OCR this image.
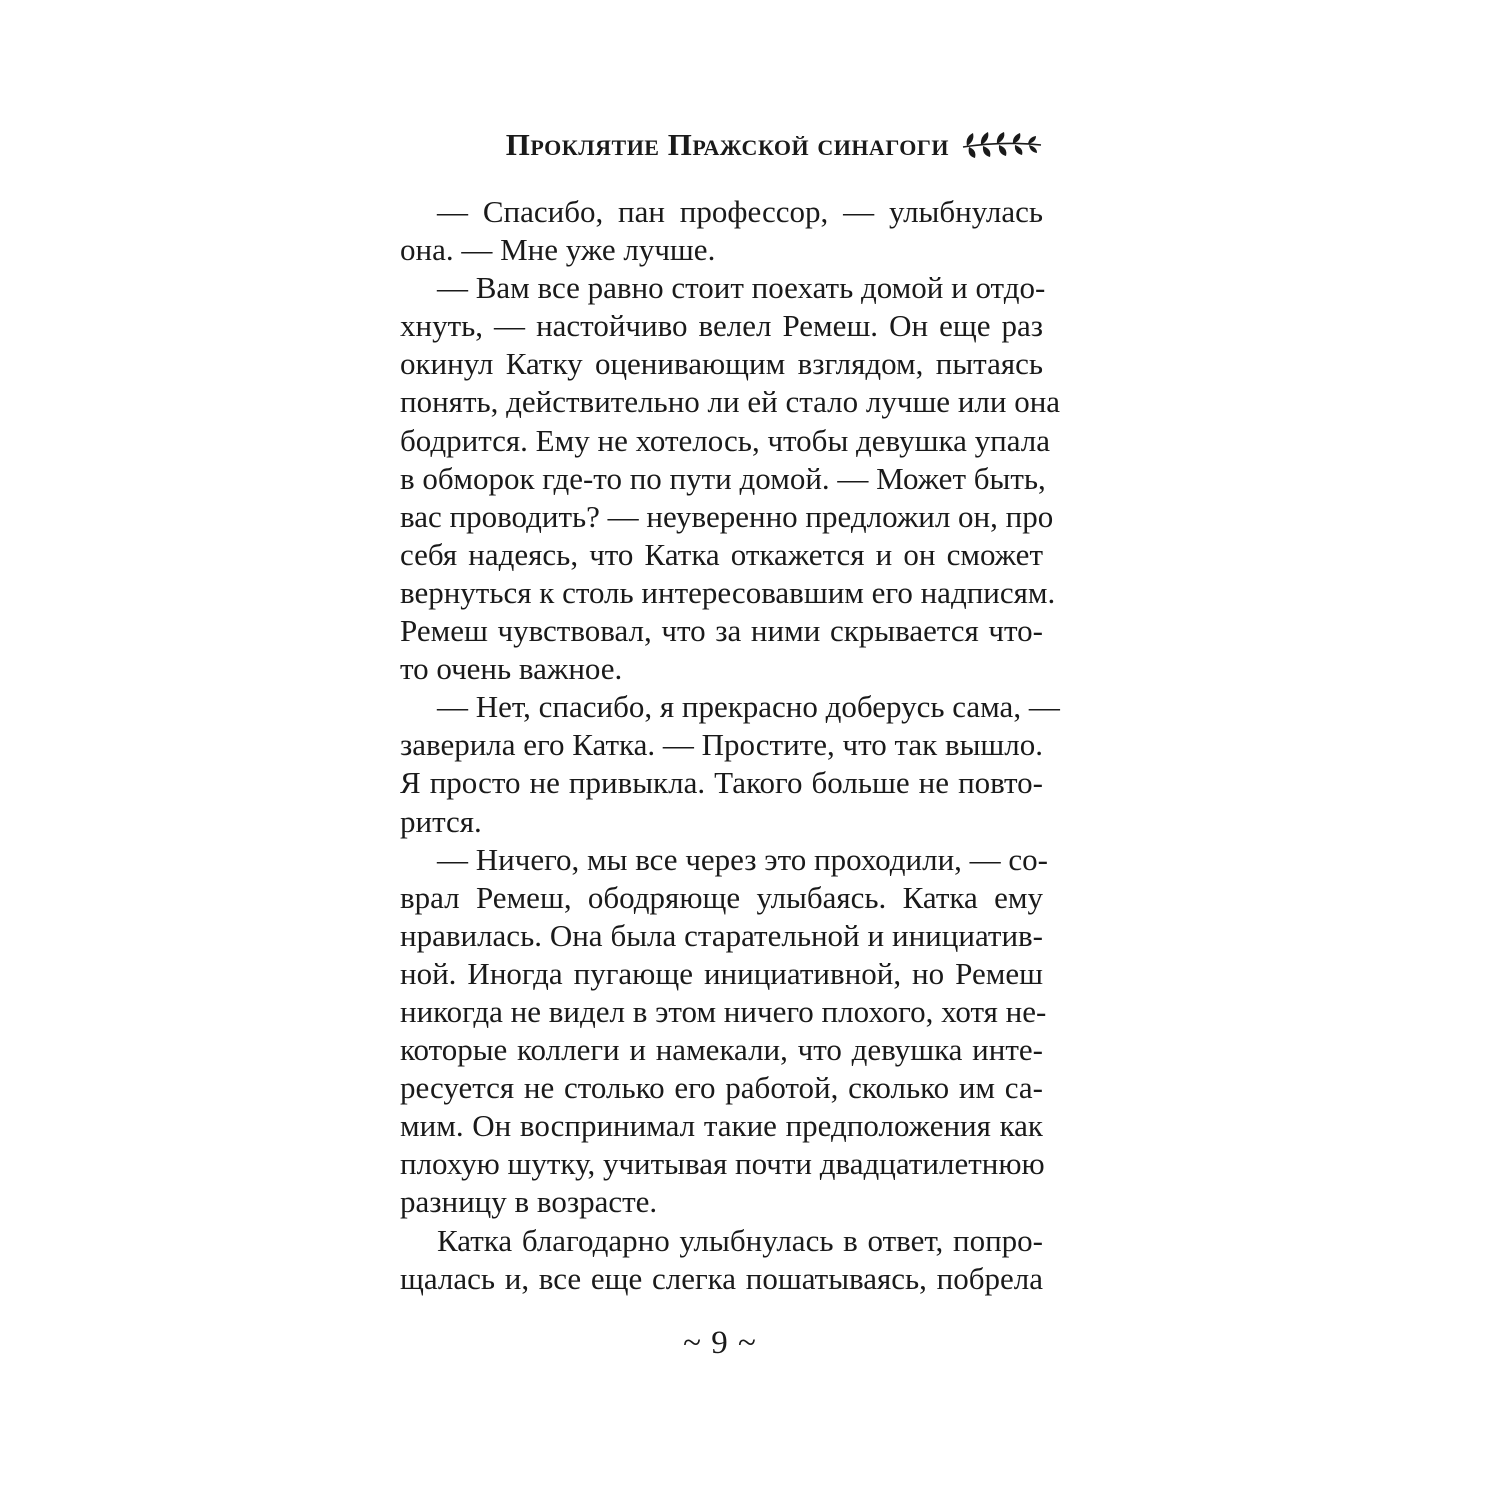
Проклятие Пражской синагоги
— Спасибо, пан профессор, — улыбнулась
она. — Мне уже лучше.
— Вам все равно стоит поехать домой и отдо-
хнуть, — настойчиво велел Ремеш. Он еще раз
окинул Катку оценивающим взглядом, пытаясь
понять, действительно ли ей стало лучше или она
бодрится. Ему не хотелось, чтобы девушка упала
в обморок где-то по пути домой. — Может быть,
вас проводить? — неуверенно предложил он, про
себя надеясь, что Катка откажется и он сможет
вернуться к столь интересовавшим его надписям.
Ремеш чувствовал, что за ними скрывается что-
то очень важное.
— Нет, спасибо, я прекрасно доберусь сама, —
заверила его Катка. — Простите, что так вышло.
Я просто не привыкла. Такого больше не повто-
рится.
— Ничего, мы все через это проходили, — со-
врал Ремеш, ободряюще улыбаясь. Катка ему
нравилась. Она была старательной и инициатив-
ной. Иногда пугающе инициативной, но Ремеш
никогда не видел в этом ничего плохого, хотя не-
которые коллеги и намекали, что девушка инте-
ресуется не столько его работой, сколько им са-
мим. Он воспринимал такие предположения как
плохую шутку, учитывая почти двадцатилетнюю
разницу в возрасте.
Катка благодарно улыбнулась в ответ, попро-
щалась и, все еще слегка пошатываясь, побрела
~ 9 ~
